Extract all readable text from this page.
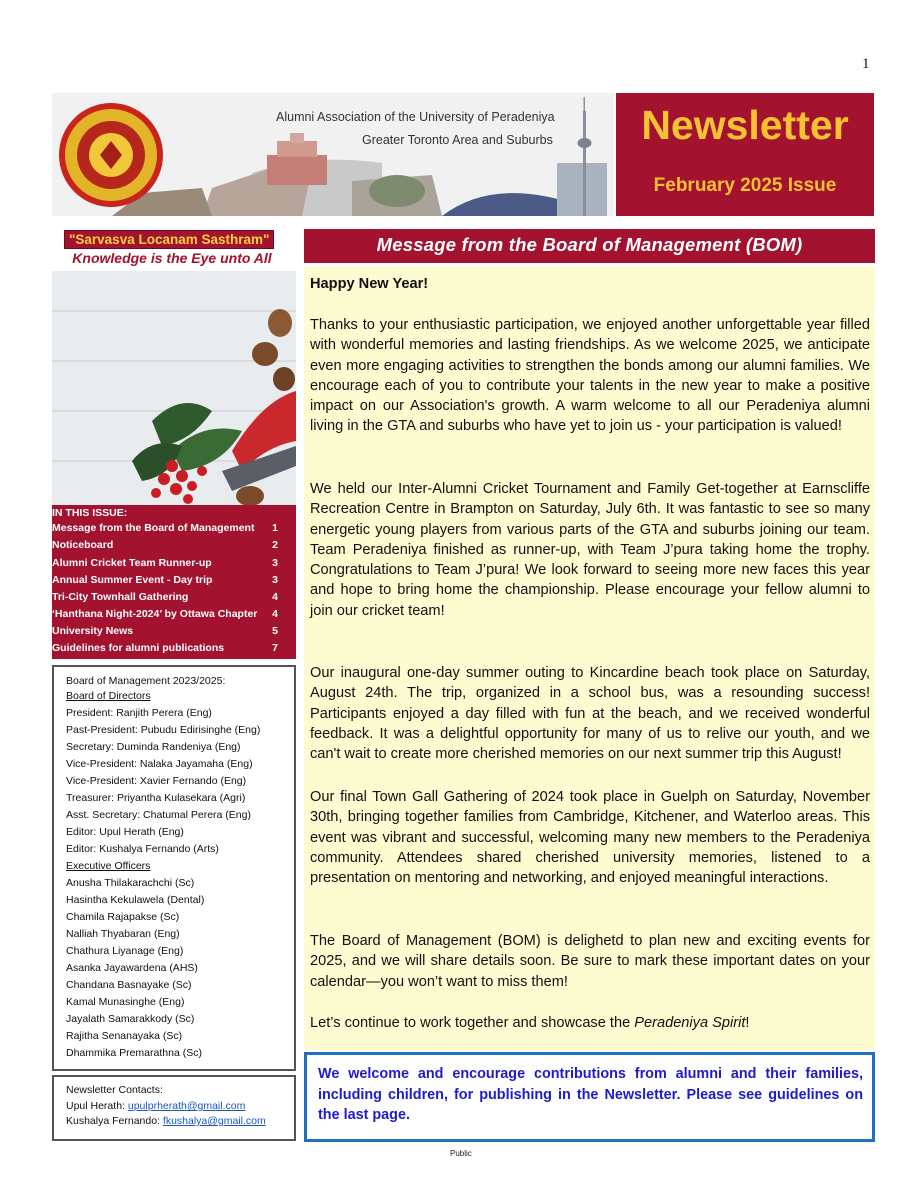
1
Alumni Association of the University of Peradeniya
Greater Toronto Area and Suburbs	Newsletter
February 2025 Issue
"Sarvasva Locanam Sasthram"
Knowledge is the Eye unto All
IN THIS ISSUE:
Message from the Board of Management 1
Noticeboard	2
Alumni Cricket Team Runner-up	3
Annual Summer Event - Day trip	3
Tri-City Townhall Gathering	4
‘Hanthana Night-2024’ by Ottawa Chapter 4
University News	5
Guidelines for alumni publications	7
Board of Management 2023/2025:
Board of Directors
President: Ranjith Perera (Eng)
Past-President: Pubudu Edirisinghe (Eng)
Secretary: Duminda Randeniya (Eng)
Vice-President: Nalaka Jayamaha (Eng)
Vice-President: Xavier Fernando (Eng)
Treasurer: Priyantha Kulasekara (Agri)
Asst. Secretary: Chatumal Perera (Eng)
Editor: Upul Herath (Eng)
Editor: Kushalya Fernando (Arts)
Executive Officers
Anusha Thilakarachchi (Sc)
Hasintha Kekulawela (Dental)
Chamila Rajapakse (Sc)
Nalliah Thyabaran (Eng)
Chathura Liyanage (Eng)
Asanka Jayawardena (AHS)
Chandana Basnayake (Sc)
Kamal Munasinghe (Eng)
Jayalath Samarakkody (Sc)
Rajitha Senanayaka (Sc)
Dhammika Premarathna (Sc)
Newsletter Contacts:
Upul Herath: upulprherath@gmail.com
Kushalya Fernando: fkushalya@gmail.com
Message from the Board of Management (BOM)
Happy New Year!
Thanks to your enthusiastic participation, we enjoyed another unforgettable year filled with wonderful memories and lasting friendships. As we welcome 2025, we anticipate even more engaging activities to strengthen the bonds among our alumni families. We encourage each of you to contribute your talents in the new year to make a positive impact on our Association's growth. A warm welcome to all our Peradeniya alumni living in the GTA and suburbs who have yet to join us - your participation is valued!
We held our Inter-Alumni Cricket Tournament and Family Get-together at Earnscliffe Recreation Centre in Brampton on Saturday, July 6th. It was fantastic to see so many energetic young players from various parts of the GTA and suburbs joining our team. Team Peradeniya finished as runner-up, with Team J’pura taking home the trophy. Congratulations to Team J’pura! We look forward to seeing more new faces this year and hope to bring home the championship. Please encourage your fellow alumni to join our cricket team!
Our inaugural one-day summer outing to Kincardine beach took place on Saturday, August 24th. The trip, organized in a school bus, was a resounding success! Participants enjoyed a day filled with fun at the beach, and we received wonderful feedback. It was a delightful opportunity for many of us to relive our youth, and we can't wait to create more cherished memories on our next summer trip this August!
Our final Town Gall Gathering of 2024 took place in Guelph on Saturday, November 30th, bringing together families from Cambridge, Kitchener, and Waterloo areas. This event was vibrant and successful, welcoming many new members to the Peradeniya community. Attendees shared cherished university memories, listened to a presentation on mentoring and networking, and enjoyed meaningful interactions.
The Board of Management (BOM) is delighetd to plan new and exciting events for 2025, and we will share details soon. Be sure to mark these important dates on your calendar—you won’t want to miss them!
Let’s continue to work together and showcase the Peradeniya Spirit!
We welcome and encourage contributions from alumni and their families, including children, for publishing in the Newsletter. Please see guidelines on the last page.
Public
